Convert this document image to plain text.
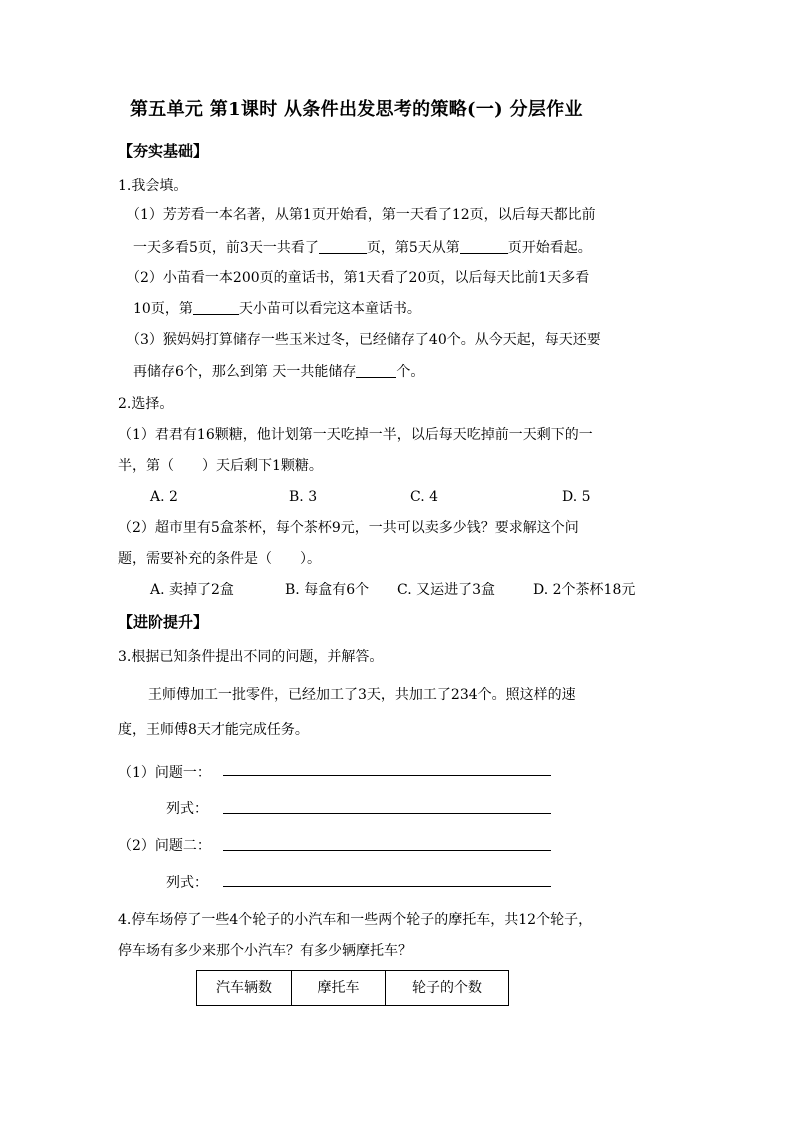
第五单元 第1课时 从条件出发思考的策略(一) 分层作业
【夯实基础】
1.我会填。
（1）芳芳看一本名著，从第1页开始看，第一天看了12页，以后每天都比前
一天多看5页，前3天一共看了	页，第5天从第	页开始看起。
（2）小苗看一本200页的童话书，第1天看了20页，以后每天比前1天多看
10页，第	天小苗可以看完这本童话书。
（3）猴妈妈打算储存一些玉米过冬，已经储存了40个。从今天起，每天还要
再储存6个，那么到第 天一共能储存	个。
2.选择。
（1）君君有16颗糖，他计划第一天吃掉一半，以后每天吃掉前一天剩下的一
半，第（　　）天后剩下1颗糖。
A. 2	B. 3	C. 4	D. 5
（2）超市里有5盒茶杯，每个茶杯9元，一共可以卖多少钱？要求解这个问
题，需要补充的条件是（　　）。
A. 卖掉了2盒	B. 每盒有6个 C. 又运进了3盒	D. 2个茶杯18元
【进阶提升】
3.根据已知条件提出不同的问题，并解答。
王师傅加工一批零件，已经加工了3天，共加工了234个。照这样的速
度，王师傅8天才能完成任务。
（1）问题一：
列式：
（2）问题二：
列式：
4.停车场停了一些4个轮子的小汽车和一些两个轮子的摩托车，共12个轮子，
停车场有多少来那个小汽车？有多少辆摩托车？
汽车辆数	摩托车	轮子的个数
